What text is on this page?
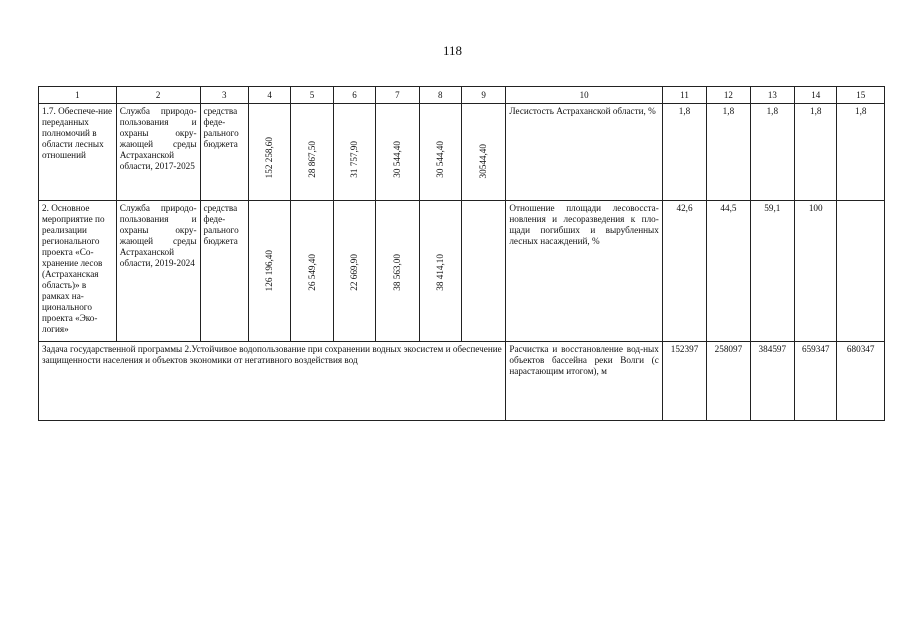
118
1	2	3	4	5	6	7	8	9	10	11	12	13	14	15
1.7. Обеспече-ние переданных полномочий в области лесных отношений	Служба природо-пользования и охраны окру-жающей среды Астраханской области, 2017-2025	средства феде-рального бюджета	152 258,60	28 867,50	31 757,90	30 544,40	30 544,40	30544,40	Лесистость Астраханской области, %	1,8	1,8	1,8	1,8	1,8
2. Основное мероприятие по реализации регионального проекта «Со-хранение лесов (Астраханская область)» в рамках на-ционального проекта «Эко-логия»	Служба природо-пользования и охраны окру-жающей среды Астраханской области, 2019-2024	средства феде-рального бюджета	126 196,40	26 549,40	22 669,90	38 563,00	38 414,10		Отношение площади лесовосста-новления и лесоразведения к пло-щади погибших и вырубленных лесных насаждений, %	42,6	44,5	59,1	100	
Задача государственной программы 2.Устойчивое водопользование при сохранении водных экосистем и обеспечение защищенности населения и объектов экономики от негативного воздействия вод									Расчистка и восстановление вод-ных объектов бассейна реки Волги (с нарастающим итогом), м	152397	258097	384597	659347	680347
